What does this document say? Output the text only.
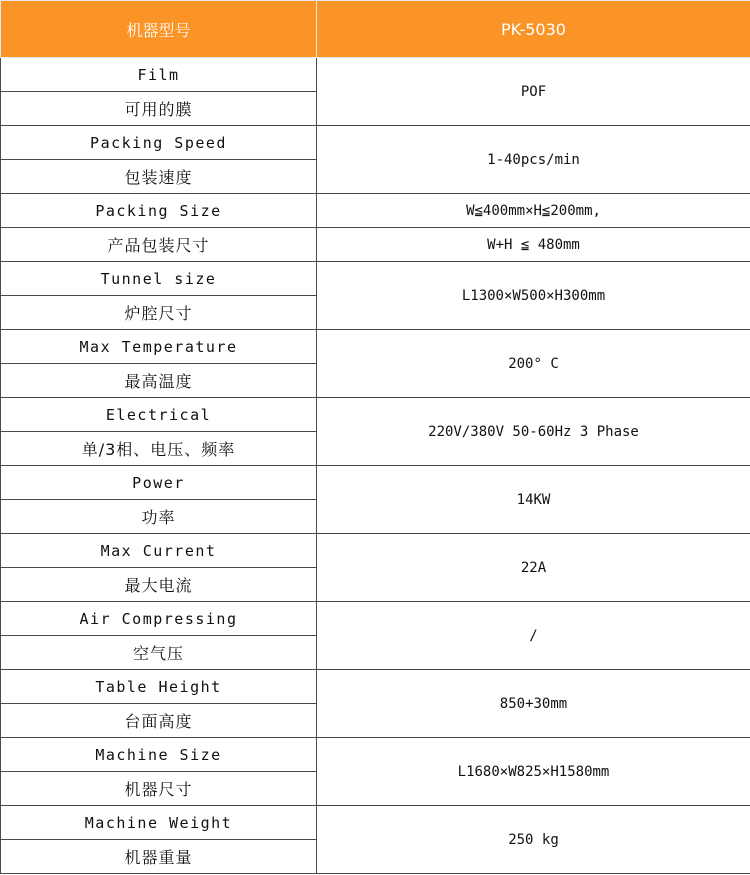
机器型号	PK-5030
Film	POF
可用的膜	
Packing Speed	1-40pcs/min
包装速度	
Packing Size	W≦400mm×H≦200mm,
产品包装尺寸	W+H ≦ 480mm
Tunnel size	L1300×W500×H300mm
炉腔尺寸	
Max Temperature	200° C
最高温度	
Electrical	220V/380V 50-60Hz 3 Phase
单/3相、电压、频率	
Power	14KW
功率	
Max Current	22A
最大电流	
Air Compressing	/
空气压	
Table Height	850+30mm
台面高度	
Machine Size	L1680×W825×H1580mm
机器尺寸	
Machine Weight	250 kg
机器重量	
